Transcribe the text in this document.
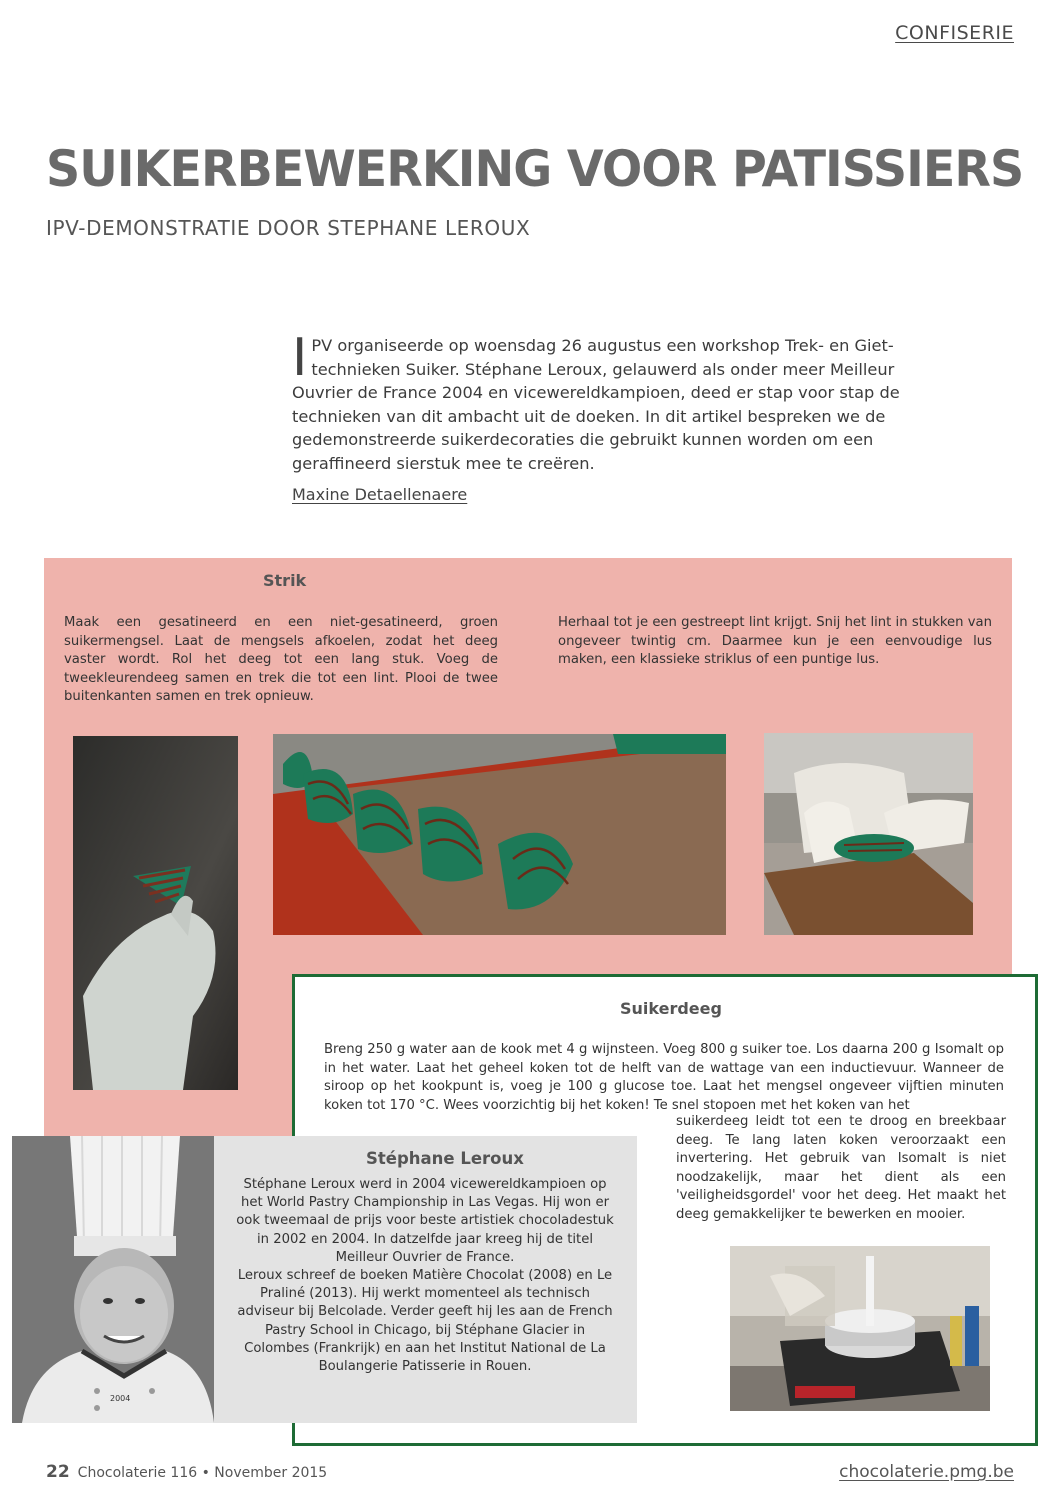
CONFISERIE
SUIKERBEWERKING VOOR PATISSIERS
IPV-DEMONSTRATIE DOOR STEPHANE LEROUX
IPV organiseerde op woensdag 26 augustus een workshop Trek- en Giet-technieken Suiker. Stéphane Leroux, gelauwerd als onder meer Meilleur Ouvrier de France 2004 en vicewereldkampioen, deed er stap voor stap de technieken van dit ambacht uit de doeken. In dit artikel bespreken we de gedemonstreerde suikerdecoraties die gebruikt kunnen worden om een geraffineerd sierstuk mee te creëren.
Maxine Detaellenaere
Strik
Maak een gesatineerd en een niet-gesatineerd, groen suikermengsel. Laat de mengsels afkoelen, zodat het deeg vaster wordt. Rol het deeg tot een lang stuk. Voeg de tweekleurendeeg samen en trek die tot een lint. Plooi de twee buitenkanten samen en trek opnieuw.
Herhaal tot je een gestreept lint krijgt. Snij het lint in stukken van ongeveer twintig cm. Daarmee kun je een eenvoudige lus maken, een klassieke striklus of een puntige lus.
Suikerdeeg
Breng 250 g water aan de kook met 4 g wijnsteen. Voeg 800 g suiker toe. Los daarna 200 g Isomalt op in het water. Laat het geheel koken tot de helft van de wattage van een inductievuur. Wanneer de siroop op het kookpunt is, voeg je 100 g glucose toe. Laat het mengsel ongeveer vijftien minuten koken tot 170 °C. Wees voorzichtig bij het koken! Te snel stopoen met het koken van het
suikerdeeg leidt tot een te droog en breekbaar deeg. Te lang laten koken veroorzaakt een invertering. Het gebruik van Isomalt is niet noodzakelijk, maar het dient als een 'veiligheidsgordel' voor het deeg. Het maakt het deeg gemakkelijker te bewerken en mooier.
2004
Stéphane Leroux
Stéphane Leroux werd in 2004 vicewereldkampioen op het World Pastry Championship in Las Vegas. Hij won er ook tweemaal de prijs voor beste artistiek chocoladestuk in 2002 en 2004. In datzelfde jaar kreeg hij de titel Meilleur Ouvrier de France.
Leroux schreef de boeken Matière Chocolat (2008) en Le Praliné (2013). Hij werkt momenteel als technisch adviseur bij Belcolade. Verder geeft hij les aan de French Pastry School in Chicago, bij Stéphane Glacier in Colombes (Frankrijk) en aan het Institut National de La Boulangerie Patisserie in Rouen.
22 Chocolaterie 116 • November 2015	chocolaterie.pmg.be
